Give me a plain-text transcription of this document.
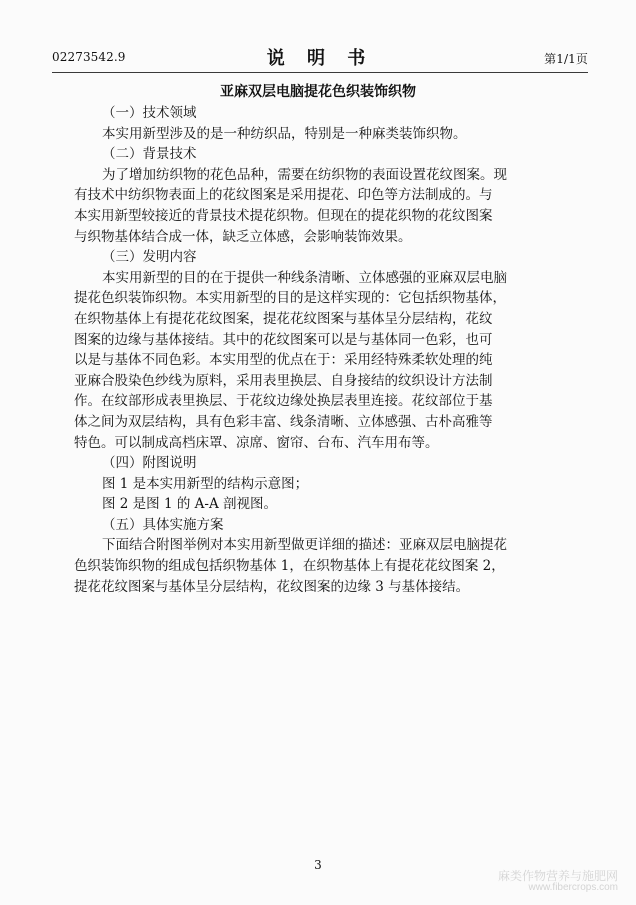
02273542.9	说 明 书	第1/1页
亚麻双层电脑提花色织装饰织物
（一）技术领域
本实用新型涉及的是一种纺织品，特别是一种麻类装饰织物。
（二）背景技术
为了增加纺织物的花色品种，需要在纺织物的表面设置花纹图案。现
有技术中纺织物表面上的花纹图案是采用提花、印色等方法制成的。与
本实用新型较接近的背景技术提花织物。但现在的提花织物的花纹图案
与织物基体结合成一体，缺乏立体感，会影响装饰效果。
（三）发明内容
本实用新型的目的在于提供一种线条清晰、立体感强的亚麻双层电脑
提花色织装饰织物。本实用新型的目的是这样实现的：它包括织物基体，
在织物基体上有提花花纹图案，提花花纹图案与基体呈分层结构，花纹
图案的边缘与基体接结。其中的花纹图案可以是与基体同一色彩，也可
以是与基体不同色彩。本实用型的优点在于：采用经特殊柔软处理的纯
亚麻合股染色纱线为原料，采用表里换层、自身接结的纹织设计方法制
作。在纹部形成表里换层、于花纹边缘处换层表里连接。花纹部位于基
体之间为双层结构，具有色彩丰富、线条清晰、立体感强、古朴高雅等
特色。可以制成高档床罩、凉席、窗帘、台布、汽车用布等。
（四）附图说明
图 1 是本实用新型的结构示意图；
图 2 是图 1 的 A-A 剖视图。
（五）具体实施方案
下面结合附图举例对本实用新型做更详细的描述：亚麻双层电脑提花
色织装饰织物的组成包括织物基体 1，在织物基体上有提花花纹图案 2，
提花花纹图案与基体呈分层结构，花纹图案的边缘 3 与基体接结。
3
麻类作物营养与施肥网
www.fibercrops.com
